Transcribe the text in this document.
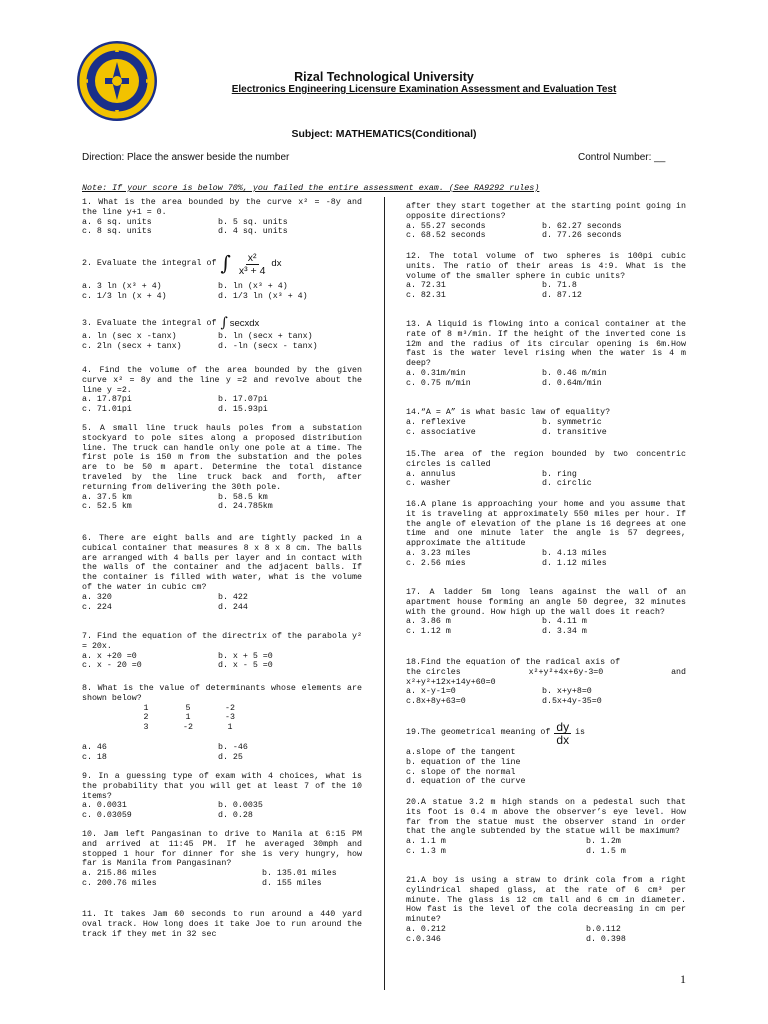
Rizal Technological University
Electronics Engineering Licensure Examination Assessment and Evaluation Test
Subject: MATHEMATICS(Conditional)
Direction: Place the answer beside the number	Control Number: __
Note: If your score is below 70%, you failed the entire assessment exam. (See RA9292 rules)
1. What is the area bounded by the curve x² = -8y and the line y+1 = 0.
a. 6 sq. units	b. 5 sq. units
c. 8 sq. units	d. 4 sq. units
2. Evaluate the integral of ∫ $\frac{\text{x²}}{\text{x³ + 4}}$ dx
a. 3 ln (x³ + 4)	b. ln (x³ + 4)
c. 1/3 ln (x + 4)	d. 1/3 ln (x³ + 4)
3. Evaluate the integral of ∫ secxdx
a. ln (sec x -tanx)	b. ln (secx + tanx)
c. 2ln (secx + tanx)	d. -ln (secx - tanx)
4. Find the volume of the area bounded by the given curve x² = 8y and the line y =2 and revolve about the line y =2.
a. 17.87pi	b. 17.07pi
c. 71.01pi	d. 15.93pi
5. A small line truck hauls poles from a substation stockyard to pole sites along a proposed distribution line. The truck can handle only one pole at a time. The first pole is 150 m from the substation and the poles are to be 50 m apart. Determine the total distance traveled by the line truck back and forth, after returning from delivering the 30th pole.
a. 37.5 km	b. 58.5 km
c. 52.5 km	d. 24.785km
6. There are eight balls and are tightly packed in a cubical container that measures 8 x 8 x 8 cm. The balls are arranged with 4 balls per layer and in contact with the walls of the container and the adjacent balls. If the container is filled with water, what is the volume of the water in cubic cm?
a. 320	b. 422
c. 224	d. 244
7. Find the equation of the directrix of the parabola y² = 20x.
a. x +20 =0	b. x + 5 =0
c. x - 20 =0	d. x - 5 =0
8. What is the value of determinants whose elements are shown below?
1	5	-2
2	1	-3
3	-2	1
a. 46	b. -46
c. 18	d. 25
9. In a guessing type of exam with 4 choices, what is the probability that you will get at least 7 of the 10 items?
a. 0.0031	b. 0.0035
c. 0.03059	d. 0.28
10. Jam left Pangasinan to drive to Manila at 6:15 PM and arrived at 11:45 PM. If he averaged 30mph and stopped 1 hour for dinner for she is very hungry, how far is Manila from Pangasinan?
a. 215.86 miles	b. 135.01 miles
c. 200.76 miles	d. 155 miles
11. It takes Jam 60 seconds to run around a 440 yard oval track. How long does it take Joe to run around the track if they met in 32 sec
after they start together at the starting point going in opposite directions?
a. 55.27 seconds	b. 62.27 seconds
c. 68.52 seconds	d. 77.26 seconds
12. The total volume of two spheres is 100pi cubic units. The ratio of their areas is 4:9. What is the volume of the smaller sphere in cubic units?
a. 72.31	b. 71.8
c. 82.31	d. 87.12
13. A liquid is flowing into a conical container at the rate of 8 m³/min. If the height of the inverted cone is 12m and the radius of its circular opening is 6m.How fast is the water level rising when the water is 4 m deep?
a. 0.31m/min	b. 0.46 m/min
c. 0.75 m/min	d. 0.64m/min
14.“A = A” is what basic law of equality?
a. reflexive	b. symmetric
c. associative	d. transitive
15.The area of the region bounded by two concentric circles is called
a. annulus	b. ring
c. washer	d. circlic
16.A plane is approaching your home and you assume that it is traveling at approximately 550 miles per hour. If the angle of elevation of the plane is 16 degrees at one time and one minute later the angle is 57 degrees, approximate the altitude
a. 3.23 miles	b. 4.13 miles
c. 2.56 mies	d. 1.12 miles
17. A ladder 5m long leans against the wall of an apartment house forming an angle 50 degree, 32 minutes with the ground. How high up the wall does it reach?
a. 3.86 m	b. 4.11 m
c. 1.12 m	d. 3.34 m
18.Find the equation of the radical axis of
the circles	x²+y²+4x+6y-3=0	and
x²+y²+12x+14y+60=0
a. x-y-1=0	b. x+y+8=0
c.8x+8y+63=0	d.5x+4y-35=0
19.The geometrical meaning of $\frac{dy}{dx}$ is
a.slope of the tangent
b. equation of the line
c. slope of the normal
d. equation of the curve
20.A statue 3.2 m high stands on a pedestal such that its foot is 0.4 m above the observer’s eye level. How far from the statue must the observer stand in order that the angle subtended by the statue will be maximum?
a. 1.1 m	b. 1.2m
c. 1.3 m	d. 1.5 m
21.A boy is using a straw to drink cola from a right cylindrical shaped glass, at the rate of 6 cm³ per minute. The glass is 12 cm tall and 6 cm in diameter. How fast is the level of the cola decreasing in cm per minute?
a. 0.212	b.0.112
c.0.346	d. 0.398
1
